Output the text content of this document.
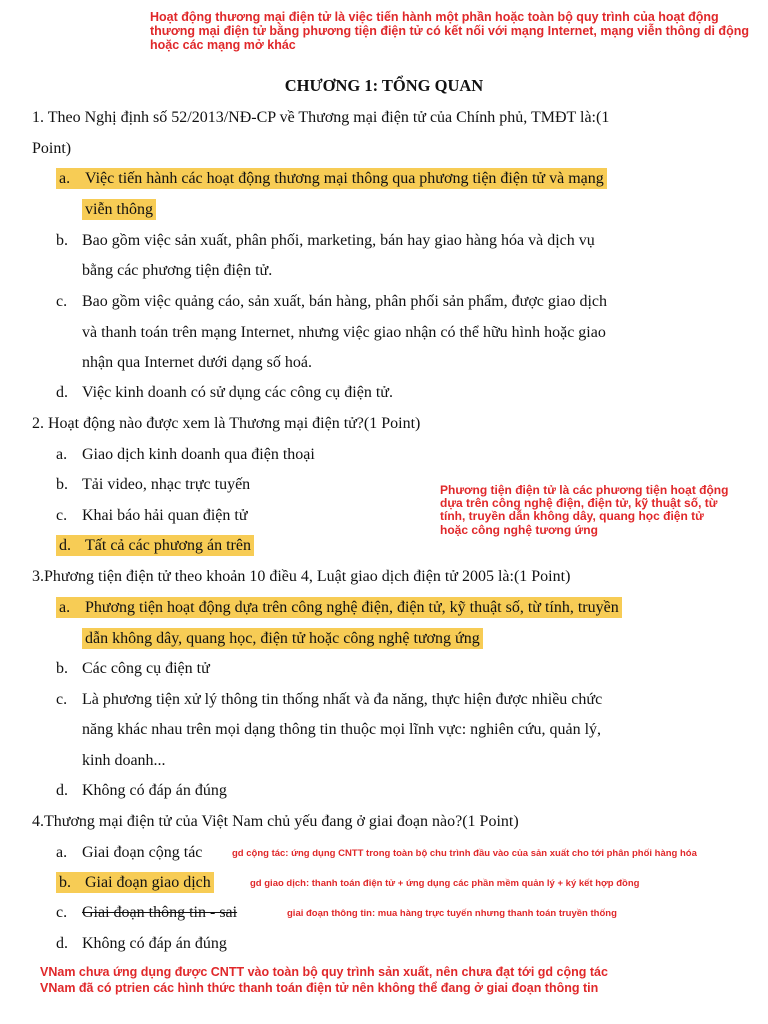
Hoạt động thương mại điện tử là việc tiến hành một phần hoặc toàn bộ quy trình của hoạt động thương mại điện tử bằng phương tiện điện tử có kết nối với mạng Internet, mạng viễn thông di động hoặc các mạng mở khác
CHƯƠNG 1: TỔNG QUAN
1. Theo Nghị định số 52/2013/NĐ-CP về Thương mại điện tử của Chính phủ, TMĐT là:(1
Point)
a. Việc tiến hành các hoạt động thương mại thông qua phương tiện điện tử và mạng
viễn thông
b. Bao gồm việc sản xuất, phân phối, marketing, bán hay giao hàng hóa và dịch vụ
bằng các phương tiện điện tử.
c. Bao gồm việc quảng cáo, sản xuất, bán hàng, phân phối sản phẩm, được giao dịch
và thanh toán trên mạng Internet, nhưng việc giao nhận có thể hữu hình hoặc giao
nhận qua Internet dưới dạng số hoá.
d. Việc kinh doanh có sử dụng các công cụ điện tử.
2. Hoạt động nào được xem là Thương mại điện tử?(1 Point)
a. Giao dịch kinh doanh qua điện thoại
b. Tải video, nhạc trực tuyến
c. Khai báo hải quan điện tử
d. Tất cả các phương án trên
Phương tiện điện tử là các phương tiện hoạt động dựa trên công nghệ điện, điện tử, kỹ thuật số, từ tính, truyền dẫn không dây, quang học điện tử hoặc công nghệ tương ứng
3.Phương tiện điện tử theo khoản 10 điều 4, Luật giao dịch điện tử 2005 là:(1 Point)
a. Phương tiện hoạt động dựa trên công nghệ điện, điện tử, kỹ thuật số, từ tính, truyền
dẫn không dây, quang học, điện tử hoặc công nghệ tương ứng
b. Các công cụ điện tử
c. Là phương tiện xử lý thông tin thống nhất và đa năng, thực hiện được nhiều chức
năng khác nhau trên mọi dạng thông tin thuộc mọi lĩnh vực: nghiên cứu, quản lý,
kinh doanh...
d. Không có đáp án đúng
4.Thương mại điện tử của Việt Nam chủ yếu đang ở giai đoạn nào?(1 Point)
a. Giai đoạn cộng tác	gd cộng tác: ứng dụng CNTT trong toàn bộ chu trình đầu vào của sản xuất cho tới phân phối hàng hóa
b. Giai đoạn giao dịch	gd giao dịch: thanh toán điện tử + ứng dụng các phần mềm quản lý + ký kết hợp đồng
c. Giai đoạn thông tin - sai	giai đoạn thông tin: mua hàng trực tuyến nhưng thanh toán truyền thống
d. Không có đáp án đúng
VNam chưa ứng dụng được CNTT vào toàn bộ quy trình sản xuất, nên chưa đạt tới gd cộng tác
VNam đã có ptrien các hình thức thanh toán điện tử nên không thể đang ở giai đoạn thông tin
